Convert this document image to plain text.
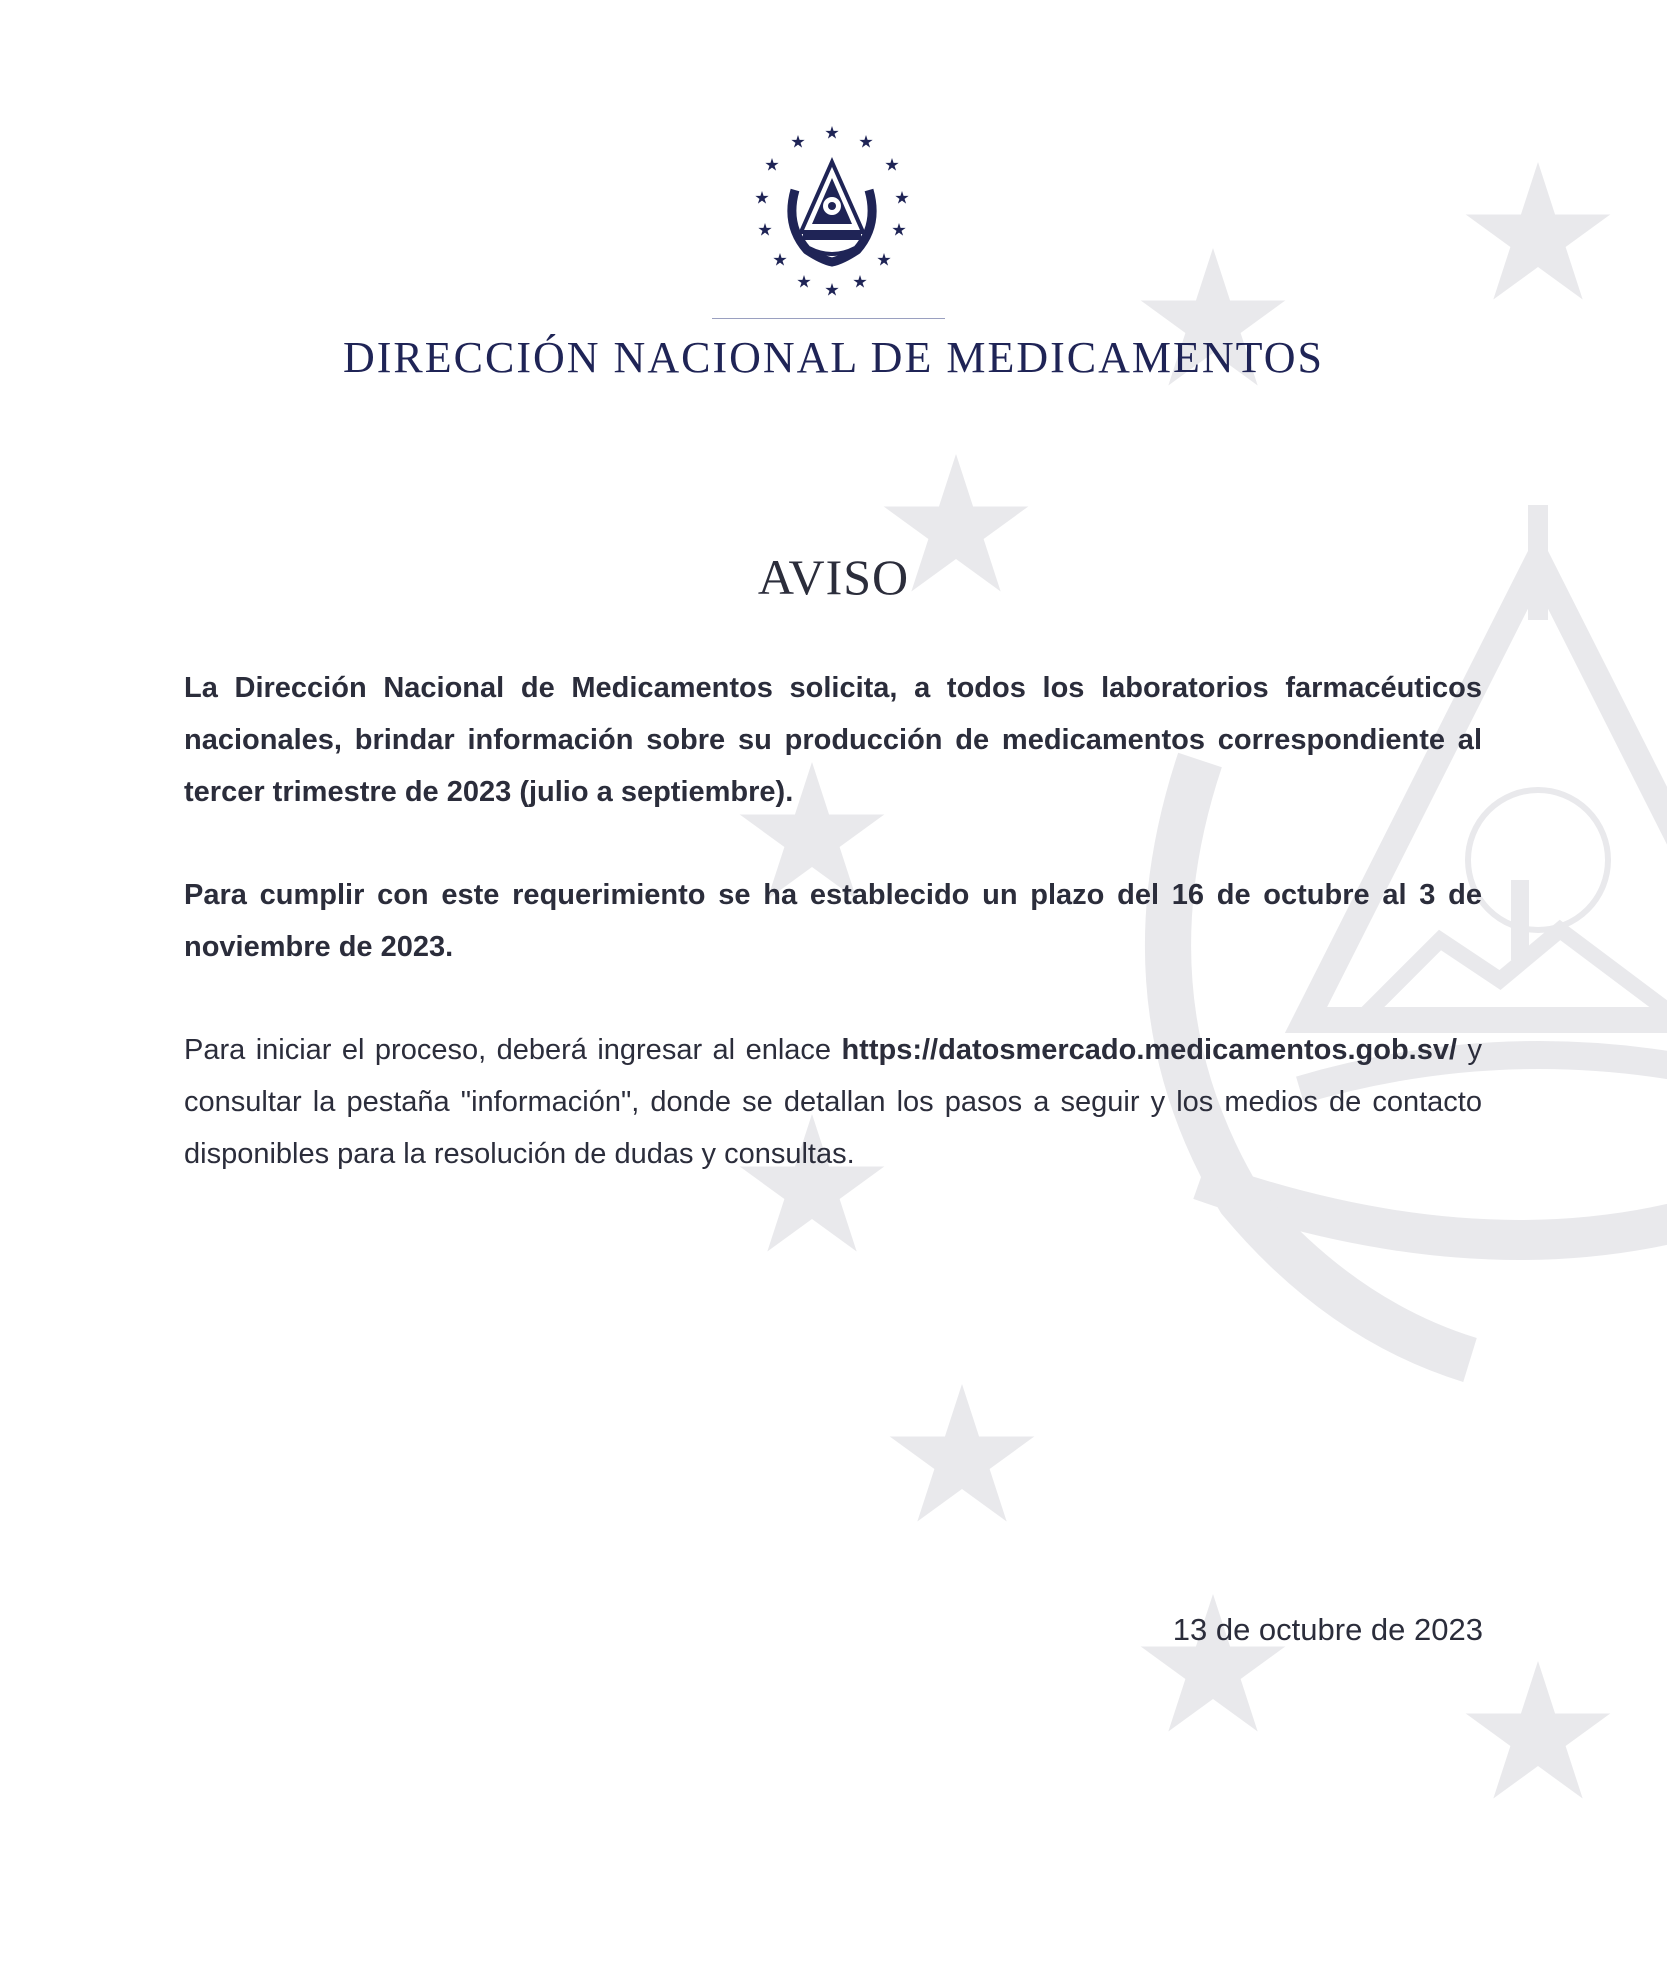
DIRECCIÓN NACIONAL DE MEDICAMENTOS
AVISO

La Dirección Nacional de Medicamentos solicita, a todos los laboratorios farmacéuticos nacionales, brindar información sobre su producción de medicamentos correspondiente al tercer trimestre de 2023 (julio a septiembre).

Para cumplir con este requerimiento se ha establecido un plazo del 16 de octubre al 3 de noviembre de 2023.

Para iniciar el proceso, deberá ingresar al enlace https://datosmercado.medicamentos.gob.sv/ y consultar la pestaña "información", donde se detallan los pasos a seguir y los medios de contacto disponibles para la resolución de dudas y consultas.

13 de octubre de 2023
